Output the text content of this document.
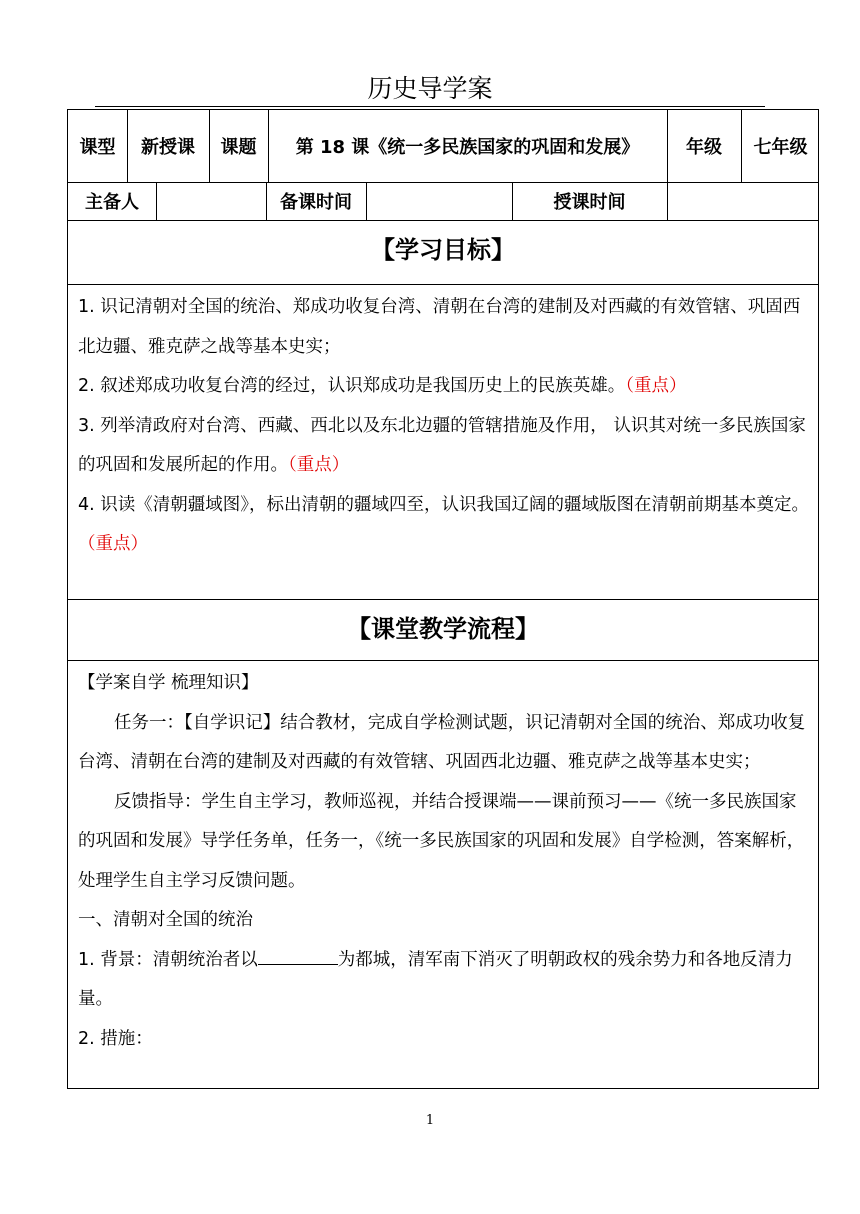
历史导学案
课型	新授课	课题	第 18 课《统一多民族国家的巩固和发展》	年级	七年级
主备人	备课时间	授课时间
【学习目标】

1. 识记清朝对全国的统治、郑成功收复台湾、清朝在台湾的建制及对西藏的有效管辖、巩固西北边疆、雅克萨之战等基本史实；

2. 叙述郑成功收复台湾的经过，认识郑成功是我国历史上的民族英雄。（重点）

3. 列举清政府对台湾、西藏、西北以及东北边疆的管辖措施及作用， 认识其对统一多民族国家的巩固和发展所起的作用。（重点）

4. 识读《清朝疆域图》，标出清朝的疆域四至，认识我国辽阔的疆域版图在清朝前期基本奠定。（重点）

【课堂教学流程】

【学案自学 梳理知识】

任务一：【自学识记】结合教材，完成自学检测试题，识记清朝对全国的统治、郑成功收复台湾、清朝在台湾的建制及对西藏的有效管辖、巩固西北边疆、雅克萨之战等基本史实；

反馈指导：学生自主学习，教师巡视，并结合授课端——课前预习——《统一多民族国家的巩固和发展》导学任务单，任务一，《统一多民族国家的巩固和发展》自学检测，答案解析，处理学生自主学习反馈问题。

一、清朝对全国的统治

1. 背景：清朝统治者以	为都城，清军南下消灭了明朝政权的残余势力和各地反清力量。

2. 措施：

1
